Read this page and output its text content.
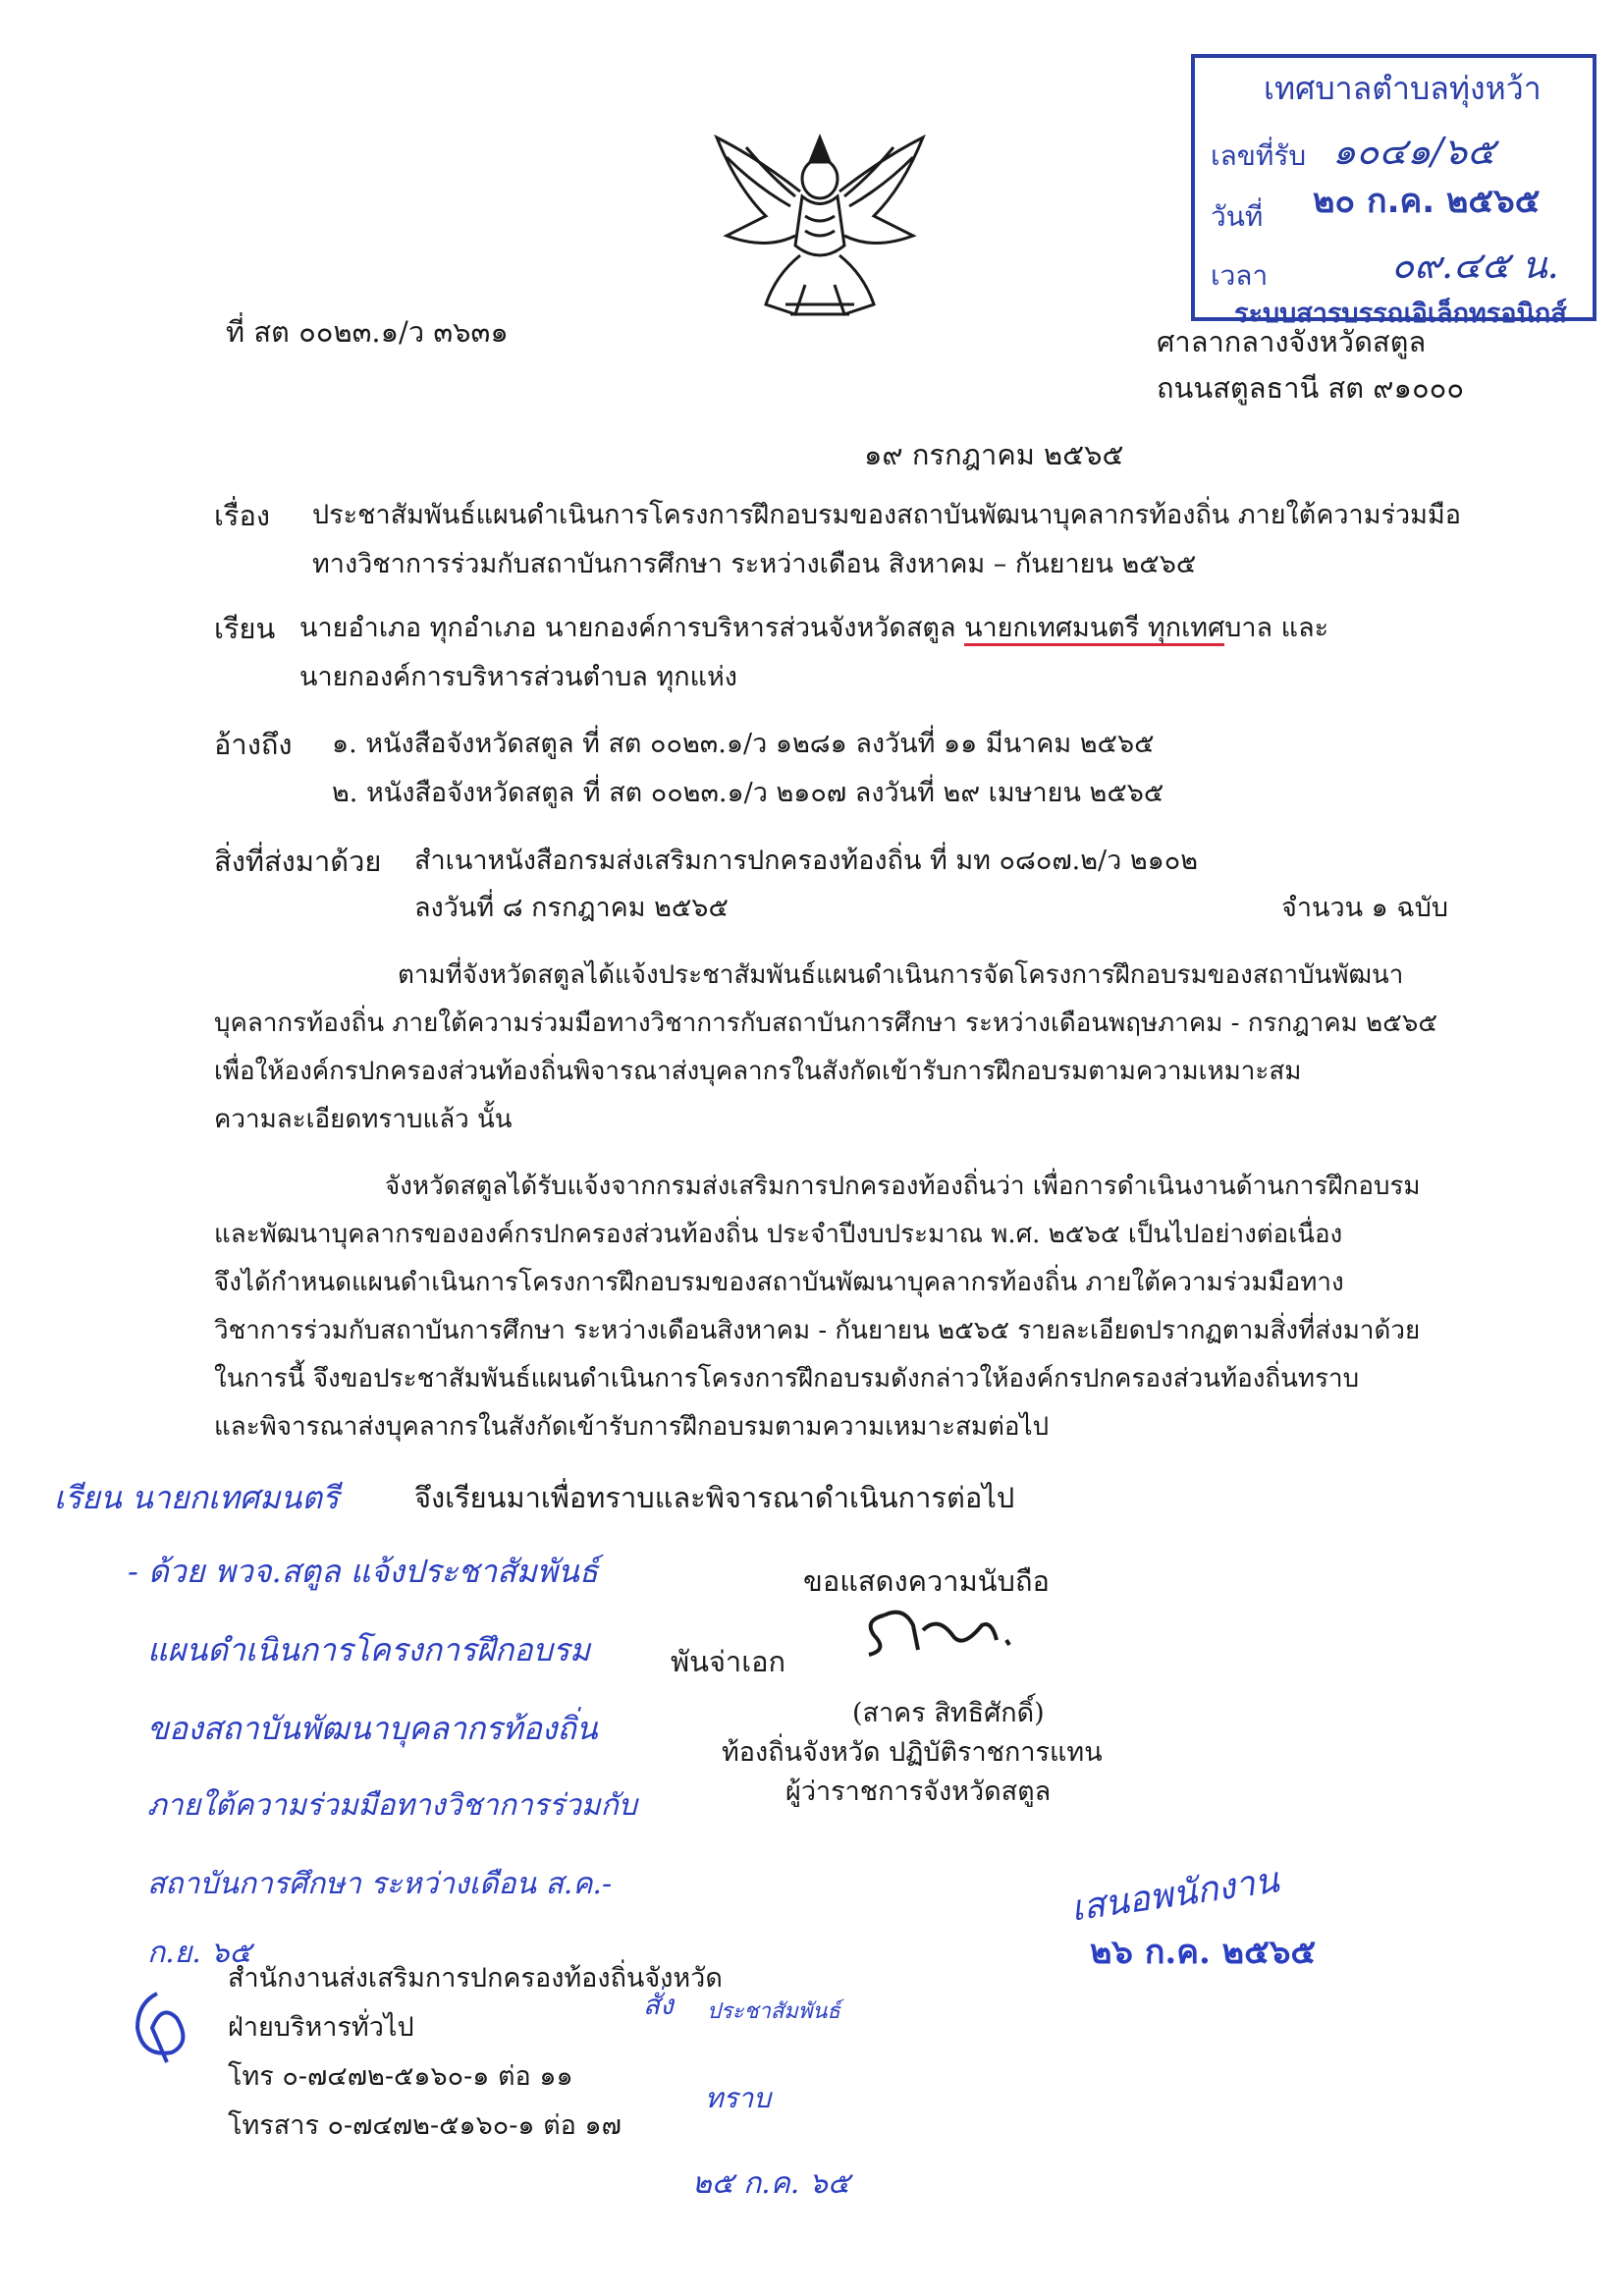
เทศบาลตำบลทุ่งหว้า
เลขที่รับ ๑๐๔๑/๖๕
วันที่ ๒๐ ก.ค. ๒๕๖๕
เวลา	๐๙.๔๕ น.
ระบบสารบรรณอิเล็กทรอนิกส์
ที่ สต ๐๐๒๓.๑/ว ๓๖๓๑	ศาลากลางจังหวัดสตูล
ถนนสตูลธานี สต ๙๑๐๐๐
๑๙ กรกฎาคม ๒๕๖๕
เรื่อง ประชาสัมพันธ์แผนดำเนินการโครงการฝึกอบรมของสถาบันพัฒนาบุคลากรท้องถิ่น ภายใต้ความร่วมมือ
ทางวิชาการร่วมกับสถาบันการศึกษา ระหว่างเดือน สิงหาคม – กันยายน ๒๕๖๕
เรียน นายอำเภอ ทุกอำเภอ นายกองค์การบริหารส่วนจังหวัดสตูล นายกเทศมนตรี ทุกเทศบาล และ
นายกองค์การบริหารส่วนตำบล ทุกแห่ง
อ้างถึง ๑. หนังสือจังหวัดสตูล ที่ สต ๐๐๒๓.๑/ว ๑๒๘๑ ลงวันที่ ๑๑ มีนาคม ๒๕๖๕
๒. หนังสือจังหวัดสตูล ที่ สต ๐๐๒๓.๑/ว ๒๑๐๗ ลงวันที่ ๒๙ เมษายน ๒๕๖๕
สิ่งที่ส่งมาด้วย สำเนาหนังสือกรมส่งเสริมการปกครองท้องถิ่น ที่ มท ๐๘๐๗.๒/ว ๒๑๐๒
ลงวันที่ ๘ กรกฎาคม ๒๕๖๕	จำนวน ๑ ฉบับ
ตามที่จังหวัดสตูลได้แจ้งประชาสัมพันธ์แผนดำเนินการจัดโครงการฝึกอบรมของสถาบันพัฒนา
บุคลากรท้องถิ่น ภายใต้ความร่วมมือทางวิชาการกับสถาบันการศึกษา ระหว่างเดือนพฤษภาคม - กรกฎาคม ๒๕๖๕
เพื่อให้องค์กรปกครองส่วนท้องถิ่นพิจารณาส่งบุคลากรในสังกัดเข้ารับการฝึกอบรมตามความเหมาะสม
ความละเอียดทราบแล้ว นั้น
จังหวัดสตูลได้รับแจ้งจากกรมส่งเสริมการปกครองท้องถิ่นว่า เพื่อการดำเนินงานด้านการฝึกอบรม
และพัฒนาบุคลากรขององค์กรปกครองส่วนท้องถิ่น ประจำปีงบประมาณ พ.ศ. ๒๕๖๕ เป็นไปอย่างต่อเนื่อง
จึงได้กำหนดแผนดำเนินการโครงการฝึกอบรมของสถาบันพัฒนาบุคลากรท้องถิ่น ภายใต้ความร่วมมือทาง
วิชาการร่วมกับสถาบันการศึกษา ระหว่างเดือนสิงหาคม - กันยายน ๒๕๖๕ รายละเอียดปรากฏตามสิ่งที่ส่งมาด้วย
ในการนี้ จึงขอประชาสัมพันธ์แผนดำเนินการโครงการฝึกอบรมดังกล่าวให้องค์กรปกครองส่วนท้องถิ่นทราบ
และพิจารณาส่งบุคลากรในสังกัดเข้ารับการฝึกอบรมตามความเหมาะสมต่อไป
จึงเรียนมาเพื่อทราบและพิจารณาดำเนินการต่อไป
ขอแสดงความนับถือ
พันจ่าเอก
(สาคร สิทธิศักดิ์)
ท้องถิ่นจังหวัด ปฏิบัติราชการแทน
ผู้ว่าราชการจังหวัดสตูล
สำนักงานส่งเสริมการปกครองท้องถิ่นจังหวัด
ฝ่ายบริหารทั่วไป
โทร ๐-๗๔๗๒-๕๑๖๐-๑ ต่อ ๑๑
โทรสาร ๐-๗๔๗๒-๕๑๖๐-๑ ต่อ ๑๗
เรียน นายกเทศมนตรี
- ด้วย พวจ.สตูล แจ้งประชาสัมพันธ์
แผนดำเนินการโครงการฝึกอบรม
ของสถาบันพัฒนาบุคลากรท้องถิ่น
ภายใต้ความร่วมมือทางวิชาการร่วมกับ
สถาบันการศึกษา ระหว่างเดือน ส.ค.-
ก.ย. ๖๕
สั่ง ประชาสัมพันธ์
ทราบ
๒๕ ก.ค. ๖๕
เสนอพนักงาน
๒๖ ก.ค. ๒๕๖๕
